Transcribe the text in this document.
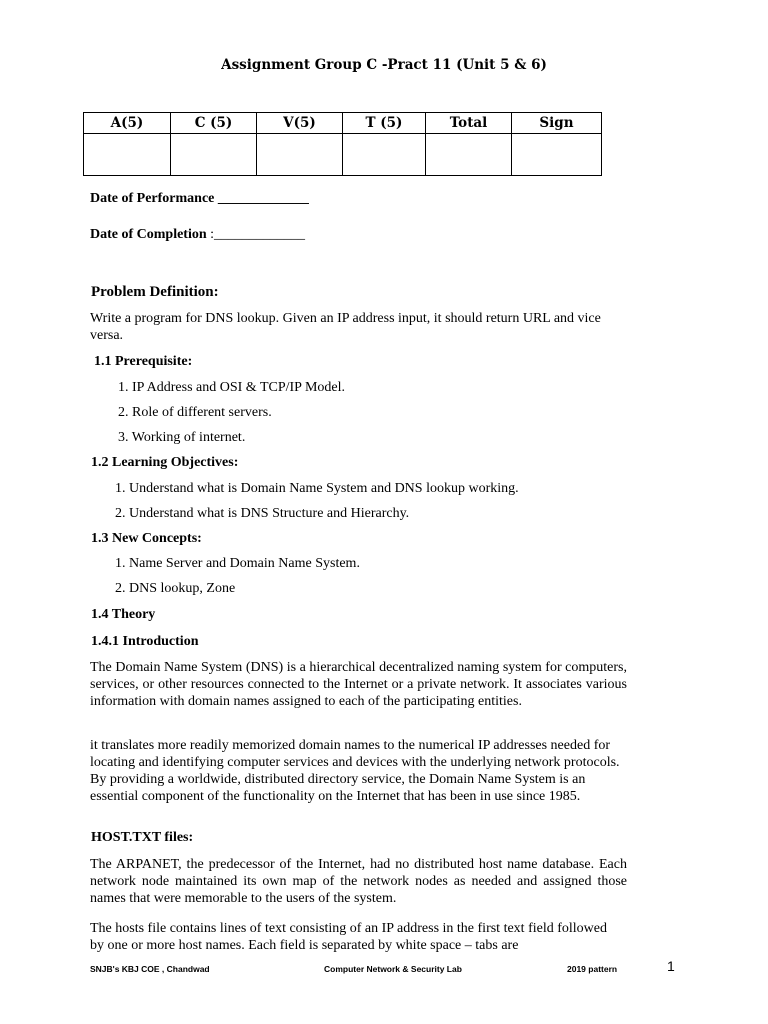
Assignment Group C -Pract 11 (Unit 5 & 6)
A(5)	C (5)	V(5)	T (5)	Total	Sign

Date of Performance _____________
Date of Completion :_____________
Problem Definition:
Write a program for DNS lookup. Given an IP address input, it should return URL and vice versa.
1.1 Prerequisite:
1. IP Address and OSI & TCP/IP Model.
2. Role of different servers.
3. Working of internet.
1.2 Learning Objectives:
1. Understand what is Domain Name System and DNS lookup working.
2. Understand what is DNS Structure and Hierarchy.
1.3 New Concepts:
1. Name Server and Domain Name System.
2. DNS lookup, Zone
1.4 Theory
1.4.1 Introduction
The Domain Name System (DNS) is a hierarchical decentralized naming system for computers, services, or other resources connected to the Internet or a private network. It associates various information with domain names assigned to each of the participating entities.
it translates more readily memorized domain names to the numerical IP addresses needed for locating and identifying computer services and devices with the underlying network protocols. By providing a worldwide, distributed directory service, the Domain Name System is an essential component of the functionality on the Internet that has been in use since 1985.
HOST.TXT files:
The ARPANET, the predecessor of the Internet, had no distributed host name database. Each network node maintained its own map of the network nodes as needed and assigned those names that were memorable to the users of the system.
The hosts file contains lines of text consisting of an IP address in the first text field followed by one or more host names. Each field is separated by white space – tabs are
SNJB's KBJ COE , Chandwad	Computer Network & Security Lab	2019 pattern	1
